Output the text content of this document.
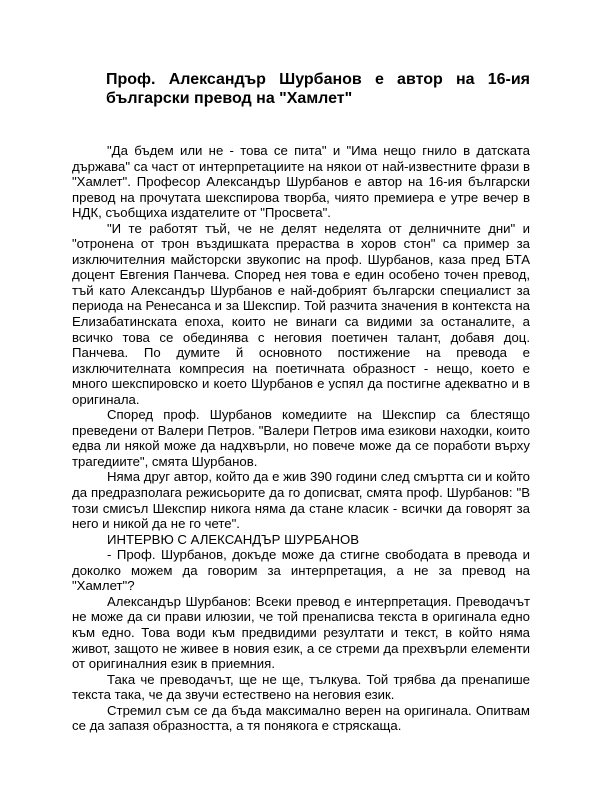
Проф. Александър Шурбанов е автор на 16-ия български превод на "Хамлет"

"Да бъдем или не - това се пита" и "Има нещо гнило в датската държава" са част от интерпретациите на някои от най-известните фрази в "Хамлет". Професор Александър Шурбанов е автор на 16-ия български превод на прочутата шекспирова творба, чиято премиера е утре вечер в НДК, съобщиха издателите от "Просвета".

"И те работят тъй, че не делят неделята от делничните дни" и "отронена от трон въздишката прераства в хоров стон" са пример за изключителния майсторски звукопис на проф. Шурбанов, каза пред БТА доцент Евгения Панчева. Според нея това е един особено точен превод, тъй като Александър Шурбанов е най-добрият български специалист за периода на Ренесанса и за Шекспир. Той разчита значения в контекста на Елизабатинската епоха, които не винаги са видими за останалите, а всичко това се обединява с неговия поетичен талант, добавя доц. Панчева. По думите й основното постижение на превода е изключителната компресия на поетичната образност - нещо, което е много шекспировско и което Шурбанов е успял да постигне адекватно и в оригинала.

Според проф. Шурбанов комедиите на Шекспир са блестящо преведени от Валери Петров. "Валери Петров има езикови находки, които едва ли някой може да надхвърли, но повече може да се поработи върху трагедиите", смята Шурбанов.

Няма друг автор, който да е жив 390 години след смъртта си и който да предразполага режисьорите да го дописват, смята проф. Шурбанов: "В този смисъл Шекспир никога няма да стане класик - всички да говорят за него и никой да не го чете".

ИНТЕРВЮ С АЛЕКСАНДЪР ШУРБАНОВ

- Проф. Шурбанов, докъде може да стигне свободата в превода и доколко можем да говорим за интерпретация, а не за превод на "Хамлет"?

Александър Шурбанов: Всеки превод е интерпретация. Преводачът не може да си прави илюзии, че той пренаписва текста в оригинала едно към едно. Това води към предвидими резултати и текст, в който няма живот, защото не живее в новия език, а се стреми да прехвърли елементи от оригиналния език в приемния.

Така че преводачът, ще не ще, тълкува. Той трябва да пренапише текста така, че да звучи естествено на неговия език.

Стремил съм се да бъда максимално верен на оригинала. Опитвам се да запазя образността, а тя понякога е стряскаща.
